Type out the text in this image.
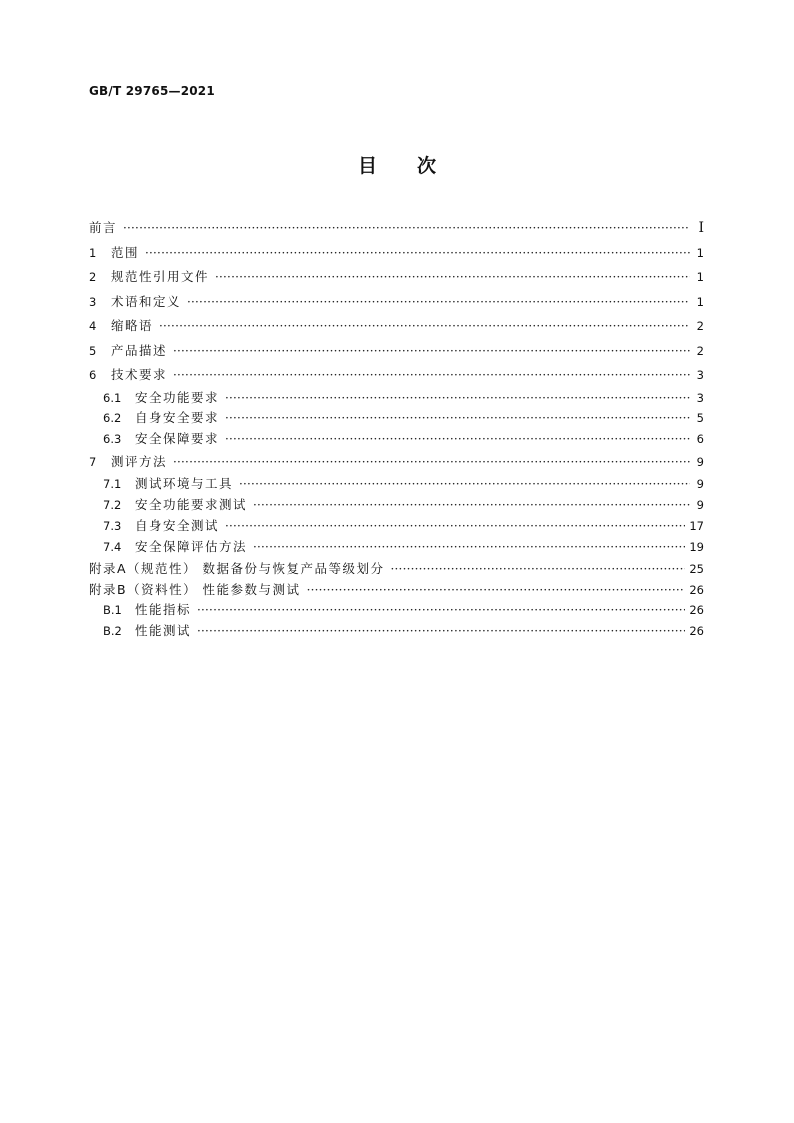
GB/T 29765—2021
目次
前言 ·····	I
1	范围 ·····	1
2	规范性引用文件 ·····	1
3	术语和定义 ·····	1
4	缩略语 ·····	2
5	产品描述 ·····	2
6	技术要求 ·····	3
6.1	安全功能要求 ·····	3
6.2	自身安全要求 ·····	5
6.3	安全保障要求 ·····	6
7	测评方法 ·····	9
7.1	测试环境与工具 ·····	9
7.2	安全功能要求测试 ·····	9
7.3	自身安全测试 ·····	17
7.4	安全保障评估方法 ·····	19
附录A（规范性） 数据备份与恢复产品等级划分 ·····	25
附录B（资料性） 性能参数与测试 ·····	26
B.1	性能指标 ·····	26
B.2	性能测试 ·····	26
